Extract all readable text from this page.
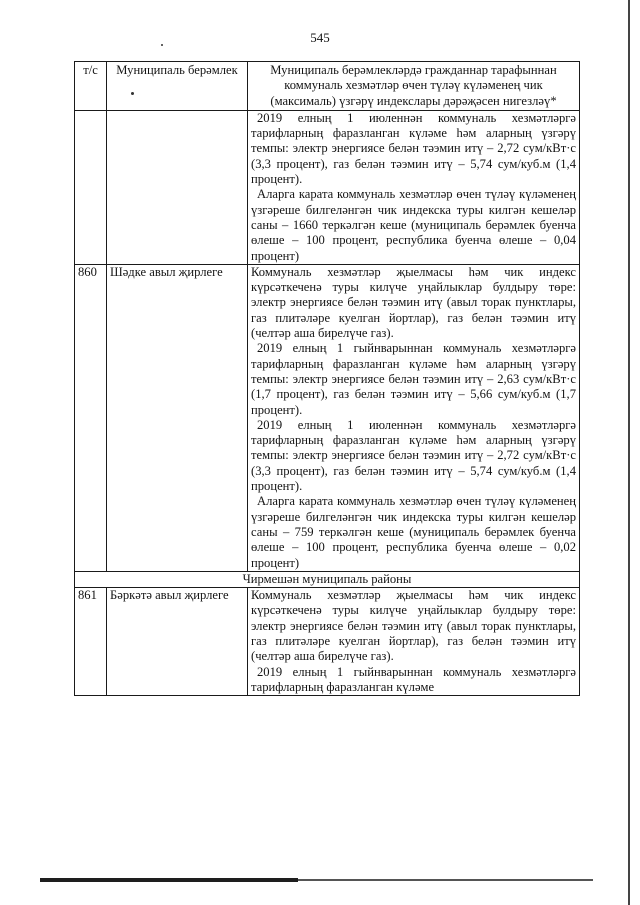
545
т/с	Муниципаль берәмлек	Муниципаль берәмлекләрдә гражданнар тарафыннан коммуналь хезмәтләр өчен түләү күләменең чик (максималь) үзгәрү индекслары дәрәҗәсен нигезләү*

		2019 елның 1 июленнән коммуналь хезмәтләргә тарифларның фаразланган күләме һәм аларның үзгәрү темпы: электр энергиясе белән тәэмин итү – 2,72 сум/кВт·с (3,3 процент), газ белән тәэмин итү – 5,74 сум/куб.м (1,4 процент).

Аларга карата коммуналь хезмәтләр өчен түләү күләменең үзгәреше билгеләнгән чик индекска туры килгән кешеләр саны – 1660 теркәлгән кеше (муниципаль берәмлек буенча өлеше – 100 процент, республика буенча өлеше – 0,04 процент)

860	Шәдке авыл җирлеге	Коммуналь хезмәтләр җыелмасы һәм чик индекс күрсәткеченә туры килүче уңайлыклар булдыру төре: электр энергиясе белән тәэмин итү (авыл торак пунктлары, газ плитәләре куелган йортлар), газ белән тәэмин итү (челтәр аша бирелүче газ).

2019 елның 1 гыйнварыннан коммуналь хезмәтләргә тарифларның фаразланган күләме һәм аларның үзгәрү темпы: электр энергиясе белән тәэмин итү – 2,63 сум/кВт·с (1,7 процент), газ белән тәэмин итү – 5,66 сум/куб.м (1,7 процент).

2019 елның 1 июленнән коммуналь хезмәтләргә тарифларның фаразланган күләме һәм аларның үзгәрү темпы: электр энергиясе белән тәэмин итү – 2,72 сум/кВт·с (3,3 процент), газ белән тәэмин итү – 5,74 сум/куб.м (1,4 процент).

Аларга карата коммуналь хезмәтләр өчен түләү күләменең үзгәреше билгеләнгән чик индекска туры килгән кешеләр саны – 759 теркәлгән кеше (муниципаль берәмлек буенча өлеше – 100 процент, республика буенча өлеше – 0,02 процент)

Чирмешән муниципаль районы		
861	Бәркәтә авыл җирлеге	Коммуналь хезмәтләр җыелмасы һәм чик индекс күрсәткеченә туры килүче уңайлыклар булдыру төре: электр энергиясе белән тәэмин итү (авыл торак пунктлары, газ плитәләре куелган йортлар), газ белән тәэмин итү (челтәр аша бирелүче газ).

2019 елның 1 гыйнварыннан коммуналь хезмәтләргә тарифларның фаразланган күләме
